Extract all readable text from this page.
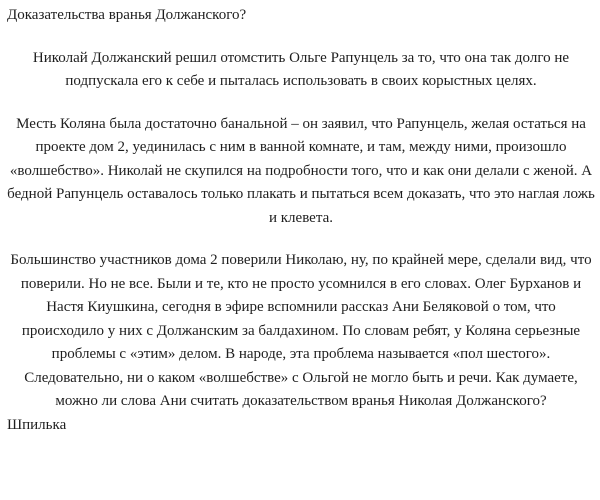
Доказательства вранья Должанского?

Николай Должанский решил отомстить Ольге Рапунцель за то, что она так долго не подпускала его к себе и пыталась использовать в своих корыстных целях.

Месть Коляна была достаточно банальной – он заявил, что Рапунцель, желая остаться на проекте дом 2, уединилась с ним в ванной комнате, и там, между ними, произошло «волшебство». Николай не скупился на подробности того, что и как они делали с женой. А бедной Рапунцель оставалось только плакать и пытаться всем доказать, что это наглая ложь и клевета.

Большинство участников дома 2 поверили Николаю, ну, по крайней мере, сделали вид, что поверили. Но не все. Были и те, кто не просто усомнился в его словах. Олег Бурханов и Настя Киушкина, сегодня в эфире вспомнили рассказ Ани Беляковой о том, что происходило у них с Должанским за балдахином. По словам ребят, у Коляна серьезные проблемы с «этим» делом. В народе, эта проблема называется «пол шестого». Следовательно, ни о каком «волшебстве» с Ольгой не могло быть и речи. Как думаете, можно ли слова Ани считать доказательством вранья Николая Должанского?

Шпилька
